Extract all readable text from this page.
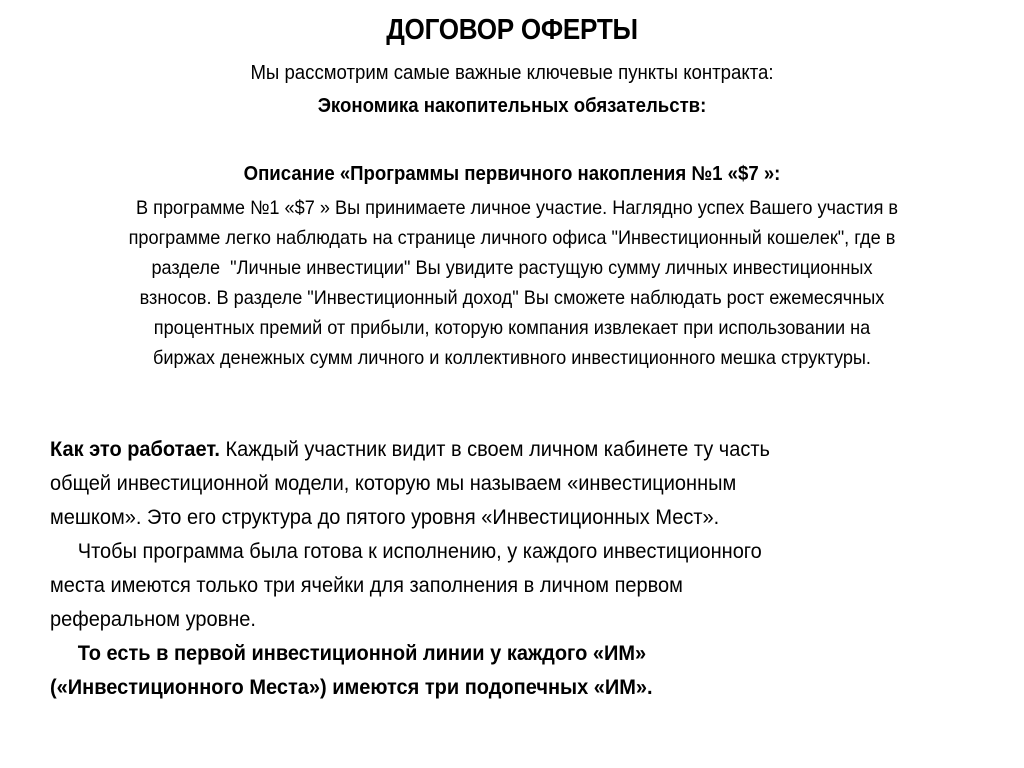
ДОГОВОР ОФЕРТЫ
Мы рассмотрим самые важные ключевые пункты контракта:
Экономика накопительных обязательств:
Описание «Программы первичного накопления №1 «$7 »:
В программе №1 «$7 » Вы принимаете личное участие. Наглядно успех Вашего участия в
программе легко наблюдать на странице личного офиса "Инвестиционный кошелек", где в
разделе  "Личные инвестиции" Вы увидите растущую сумму личных инвестиционных
взносов. В разделе "Инвестиционный доход" Вы сможете наблюдать рост ежемесячных
процентных премий от прибыли, которую компания извлекает при использовании на
биржах денежных сумм личного и коллективного инвестиционного мешка структуры.
Как это работает. Каждый участник видит в своем личном кабинете ту часть
общей инвестиционной модели, которую мы называем «инвестиционным
мешком». Это его структура до пятого уровня «Инвестиционных Мест».
Чтобы программа была готова к исполнению, у каждого инвестиционного
места имеются только три ячейки для заполнения в личном первом
реферальном уровне.
То есть в первой инвестиционной линии у каждого «ИМ»
(«Инвестиционного Места») имеются три подопечных «ИМ».
